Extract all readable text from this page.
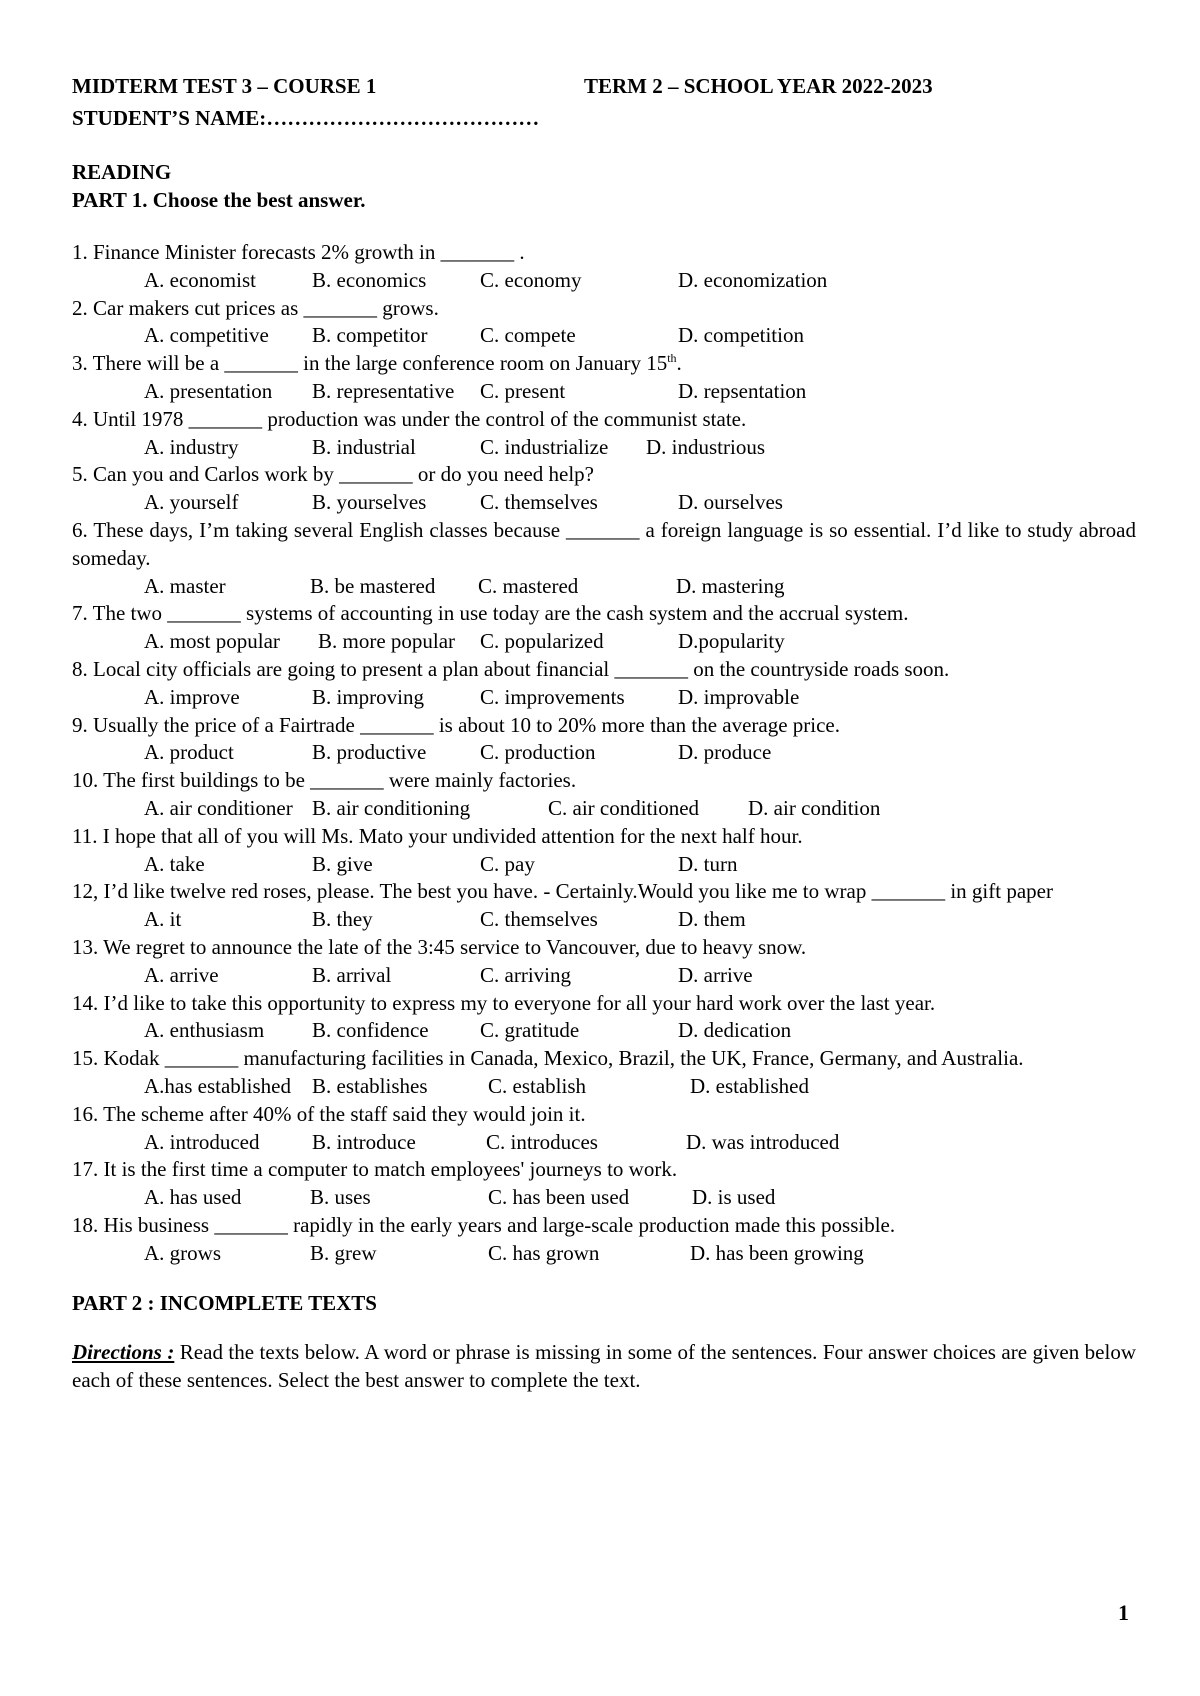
MIDTERM TEST 3 – COURSE 1	TERM 2 – SCHOOL YEAR 2022-2023
STUDENT’S NAME:…………………………………
READING
PART 1. Choose the best answer.
1. Finance Minister forecasts 2% growth in _______ .
A. economist	B. economics	C. economy	D. economization
2. Car makers cut prices as _______ grows.
A. competitive B. competitor	C. compete	D. competition
3. There will be a _______ in the large conference room on January 15th.
A. presentation B. representative C. present	D. repsentation
4. Until 1978 _______ production was under the control of the communist state.
A. industry	B. industrial	C. industrialize D. industrious
5. Can you and Carlos work by _______ or do you need help?
A. yourself	B. yourselves	C. themselves	D. ourselves
6. These days, I’m taking several English classes because _______ a foreign language is so essential. I’d like to study abroad someday.
A. master	B. be mastered C. mastered	D. mastering
7. The two _______ systems of accounting in use today are the cash system and the accrual system.
A. most popular B. more popular C. popularized	D.popularity
8. Local city officials are going to present a plan about financial _______ on the countryside roads soon.
A. improve	B. improving	C. improvements	D. improvable
9. Usually the price of a Fairtrade _______ is about 10 to 20% more than the average price.
A. product	B. productive	C. production	D. produce
10. The first buildings to be _______ were mainly factories.
A. air conditioner B. air conditioning	C. air conditioned D. air condition
11. I hope that all of you will Ms. Mato your undivided attention for the next half hour.
A. take	B. give	C. pay	D. turn
12, I’d like twelve red roses, please. The best you have. - Certainly.Would you like me to wrap _______ in gift paper
A. it	B. they	C. themselves	D. them
13. We regret to announce the late of the 3:45 service to Vancouver, due to heavy snow.
A. arrive	B. arrival	C. arriving	D. arrive
14. I’d like to take this opportunity to express my to everyone for all your hard work over the last year.
A. enthusiasm B. confidence C. gratitude	D. dedication
15. Kodak _______ manufacturing facilities in Canada, Mexico, Brazil, the UK, France, Germany, and Australia.
A.has established B. establishes	C. establish	D. established
16. The scheme after 40% of the staff said they would join it.
A. introduced	B. introduce	C. introduces	D. was introduced
17. It is the first time a computer to match employees' journeys to work.
A. has used	B. uses	C. has been used	D. is used
18. His business _______ rapidly in the early years and large-scale production made this possible.
A. grows	B. grew	C. has grown	D. has been growing
PART 2 : INCOMPLETE TEXTS
Directions : Read the texts below. A word or phrase is missing in some of the sentences. Four answer choices are given below each of these sentences. Select the best answer to complete the text.
1
